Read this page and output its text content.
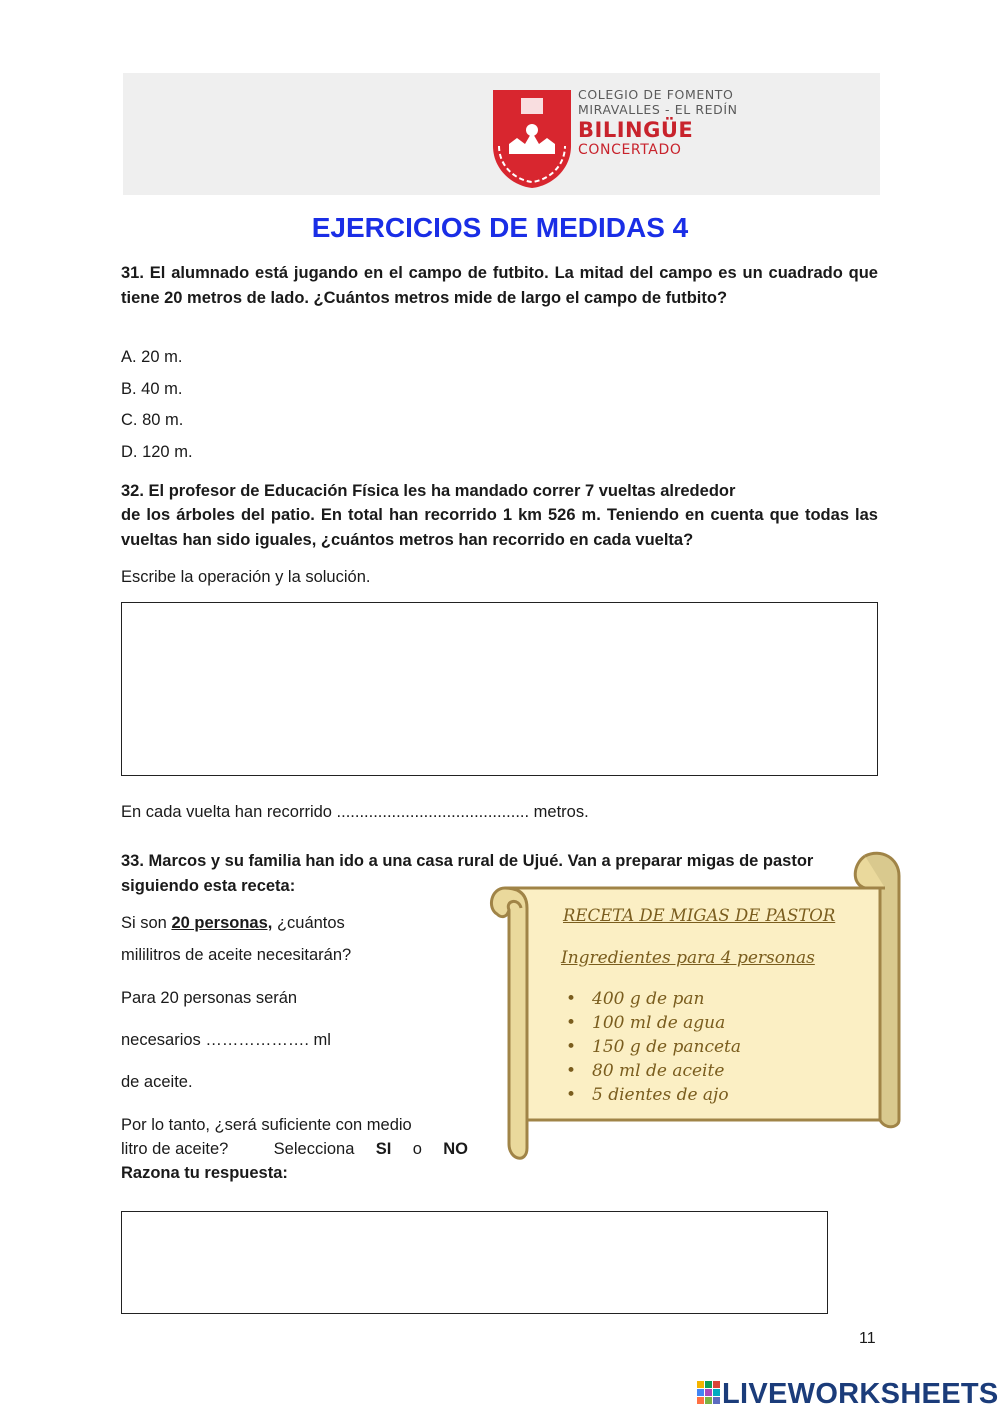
COLEGIO DE FOMENTO
MIRAVALLES - EL REDÍN
BILINGÜE
CONCERTADO
EJERCICIOS DE MEDIDAS 4
31. El alumnado está jugando en el campo de futbito. La mitad del campo es un cuadrado que tiene 20 metros de lado. ¿Cuántos metros mide de largo el campo de futbito?
A. 20 m.
B. 40 m.
C. 80 m.
D. 120 m.
32. El profesor de Educación Física les ha mandado correr 7 vueltas alrededor
de los árboles del patio. En total han recorrido 1 km 526 m. Teniendo en cuenta que todas las vueltas han sido iguales, ¿cuántos metros han recorrido en cada vuelta?
Escribe la operación y la solución.
En cada vuelta han recorrido .......................................... metros.
33. Marcos y su familia han ido a una casa rural de Ujué. Van a preparar migas de pastor siguiendo esta receta:
Si son 20 personas, ¿cuántos
mililitros de aceite necesitarán?
Para 20 personas serán
necesarios ………………. ml
de aceite.
Por lo tanto, ¿será suficiente con medio
litro de aceite?	Selecciona SI o NO
Razona tu respuesta:
RECETA DE MIGAS DE PASTOR
Ingredientes para 4 personas
• 400 g de pan
• 100 ml de agua
• 150 g de panceta
• 80 ml de aceite
• 5 dientes de ajo
11
LIVEWORKSHEETS
